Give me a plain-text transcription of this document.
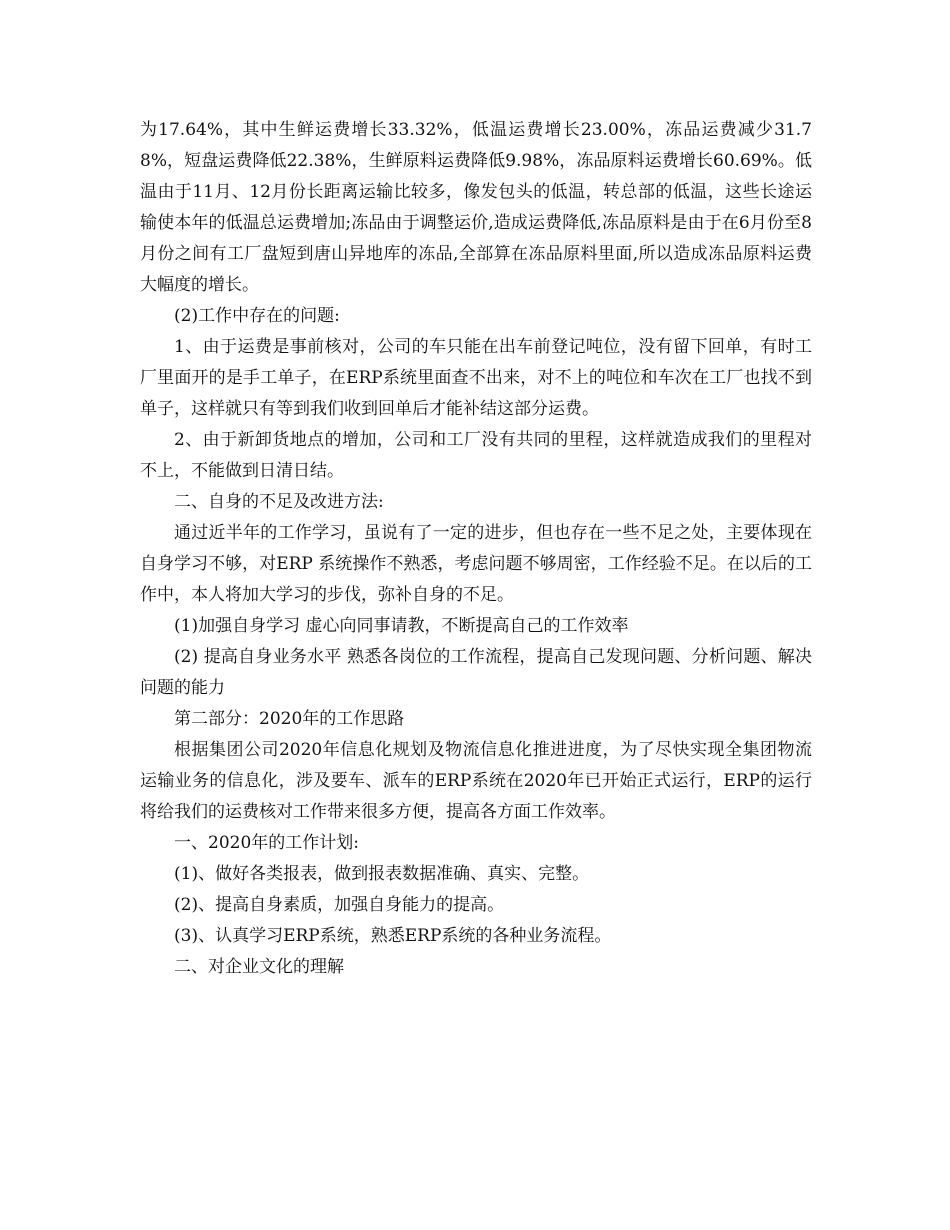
为17.64%，其中生鲜运费增长33.32%，低温运费增长23.00%，冻品运费减少31.78%，短盘运费降低22.38%，生鲜原料运费降低9.98%，冻品原料运费增长60.69%。低温由于11月、12月份长距离运输比较多，像发包头的低温，转总部的低温，这些长途运输使本年的低温总运费增加;冻品由于调整运价,造成运费降低,冻品原料是由于在6月份至8月份之间有工厂盘短到唐山异地库的冻品,全部算在冻品原料里面,所以造成冻品原料运费大幅度的增长。

(2)工作中存在的问题:

1、由于运费是事前核对，公司的车只能在出车前登记吨位，没有留下回单，有时工厂里面开的是手工单子，在ERP系统里面查不出来，对不上的吨位和车次在工厂也找不到单子，这样就只有等到我们收到回单后才能补结这部分运费。

2、由于新卸货地点的增加，公司和工厂没有共同的里程，这样就造成我们的里程对不上，不能做到日清日结。

二、自身的不足及改进方法:

通过近半年的工作学习，虽说有了一定的进步，但也存在一些不足之处，主要体现在自身学习不够，对ERP 系统操作不熟悉，考虑问题不够周密，工作经验不足。在以后的工作中，本人将加大学习的步伐，弥补自身的不足。

(1)加强自身学习 虚心向同事请教，不断提高自己的工作效率

(2) 提高自身业务水平 熟悉各岗位的工作流程，提高自己发现问题、分析问题、解决问题的能力

第二部分：2020年的工作思路

根据集团公司2020年信息化规划及物流信息化推进进度，为了尽快实现全集团物流运输业务的信息化，涉及要车、派车的ERP系统在2020年已开始正式运行，ERP的运行将给我们的运费核对工作带来很多方便，提高各方面工作效率。

一、2020年的工作计划:

(1)、做好各类报表，做到报表数据准确、真实、完整。

(2)、提高自身素质，加强自身能力的提高。

(3)、认真学习ERP系统，熟悉ERP系统的各种业务流程。

二、对企业文化的理解
